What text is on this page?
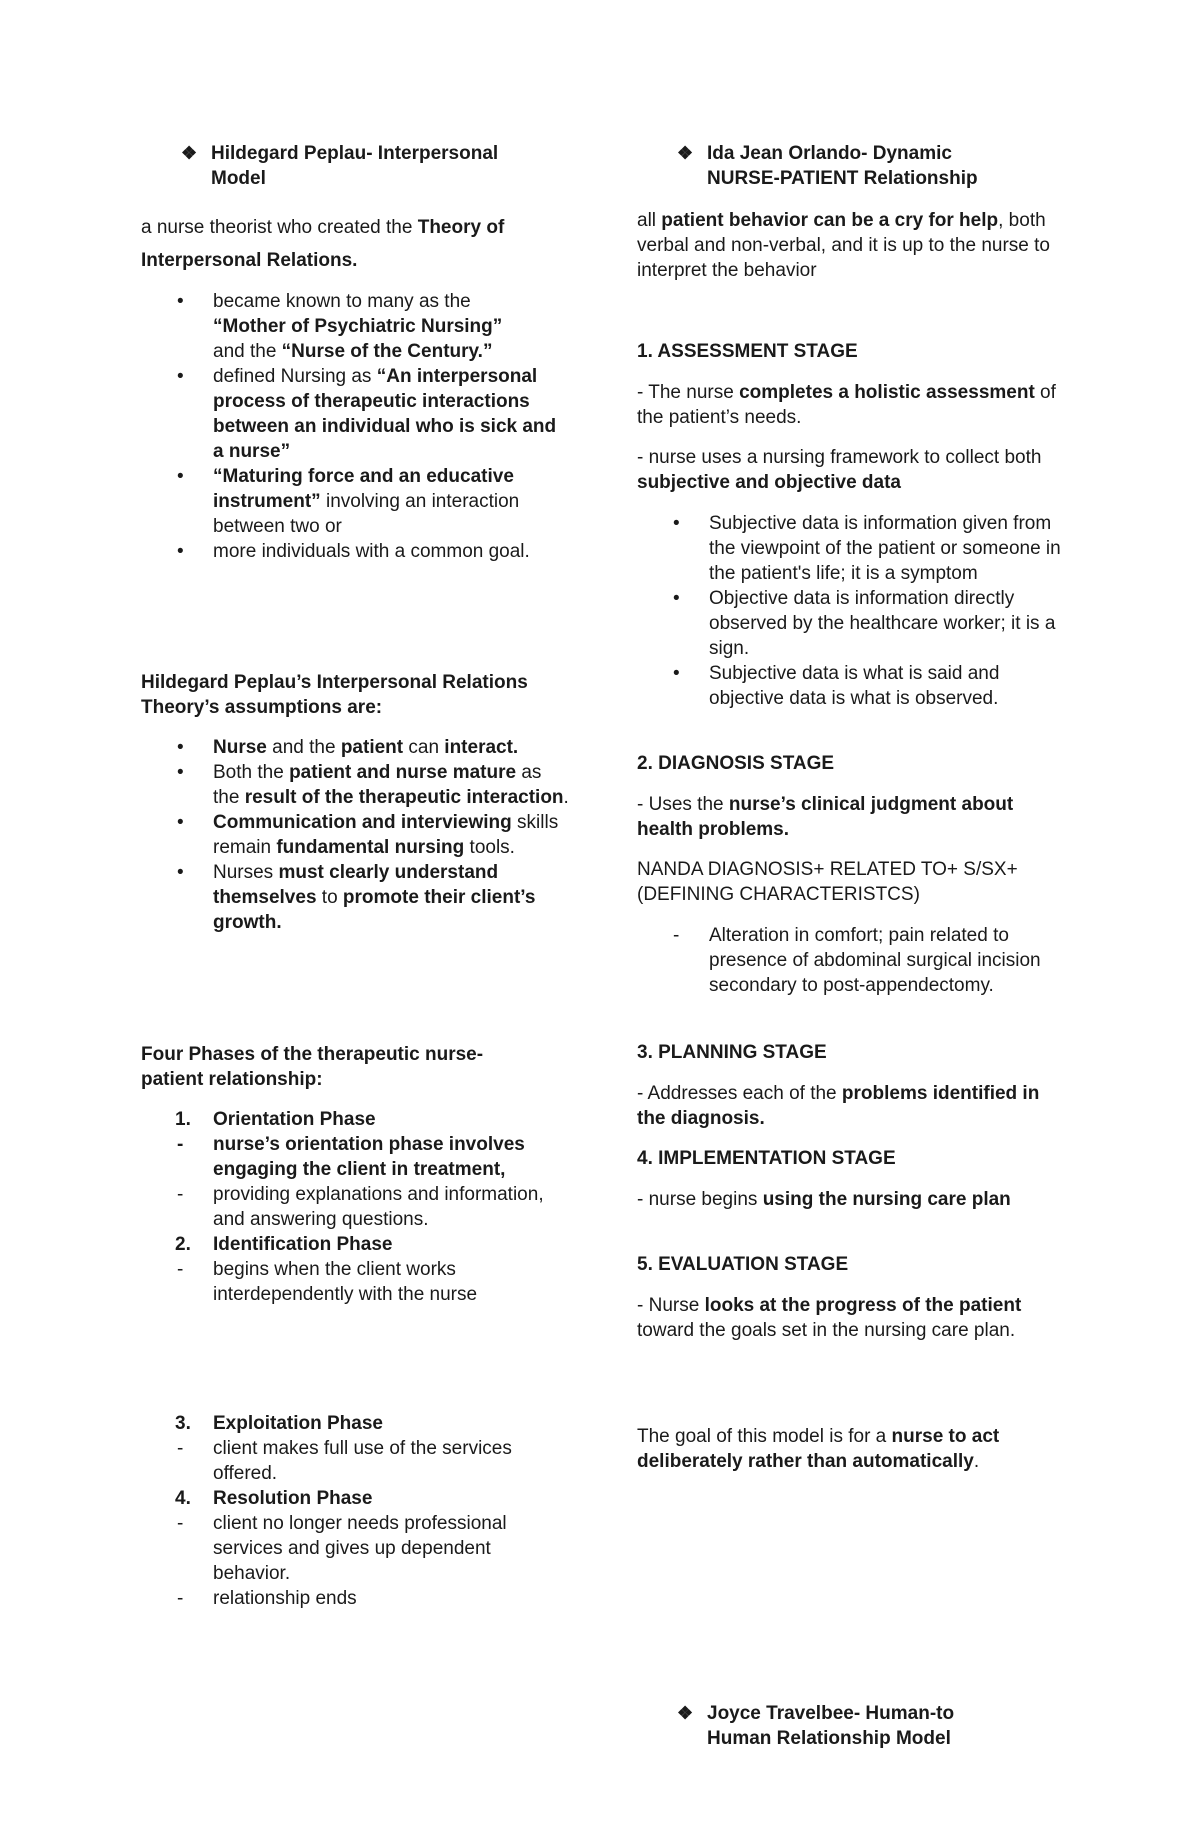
❖ Hildegard Peplau- Interpersonal
Model

a nurse theorist who created the Theory of

Interpersonal Relations.

• became known to many as the
“Mother of Psychiatric Nursing”
and the “Nurse of the Century.”
• defined Nursing as “An interpersonal process of therapeutic interactions between an individual who is sick and a nurse”
• “Maturing force and an educative instrument” involving an interaction between two or
• more individuals with a common goal.
Hildegard Peplau’s Interpersonal Relations Theory’s assumptions are:
• Nurse and the patient can interact.
• Both the patient and nurse mature as the result of the therapeutic interaction.
• Communication and interviewing skills remain fundamental nursing tools.
• Nurses must clearly understand themselves to promote their client’s growth.
Four Phases of the therapeutic nurse-patient relationship:
1. Orientation Phase
- nurse’s orientation phase involves engaging the client in treatment,
- providing explanations and information, and answering questions.
2. Identification Phase
- begins when the client works interdependently with the nurse
3. Exploitation Phase
- client makes full use of the services offered.
4. Resolution Phase
- client no longer needs professional services and gives up dependent behavior.
- relationship ends
❖ Ida Jean Orlando- Dynamic
NURSE-PATIENT Relationship

all patient behavior can be a cry for help, both verbal and non-verbal, and it is up to the nurse to interpret the behavior

1. ASSESSMENT STAGE

- The nurse completes a holistic assessment of the patient’s needs.

- nurse uses a nursing framework to collect both subjective and objective data

• Subjective data is information given from the viewpoint of the patient or someone in the patient's life; it is a symptom
• Objective data is information directly observed by the healthcare worker; it is a sign.
• Subjective data is what is said and objective data is what is observed.
2. DIAGNOSIS STAGE

- Uses the nurse’s clinical judgment about health problems.

NANDA DIAGNOSIS+ RELATED TO+ S/SX+ (DEFINING CHARACTERISTCS)

- Alteration in comfort; pain related to presence of abdominal surgical incision secondary to post-appendectomy.
3. PLANNING STAGE

- Addresses each of the problems identified in the diagnosis.

4. IMPLEMENTATION STAGE

- nurse begins using the nursing care plan

5. EVALUATION STAGE

- Nurse looks at the progress of the patient toward the goals set in the nursing care plan.

The goal of this model is for a nurse to act deliberately rather than automatically.

❖ Joyce Travelbee- Human-to
Human Relationship Model
